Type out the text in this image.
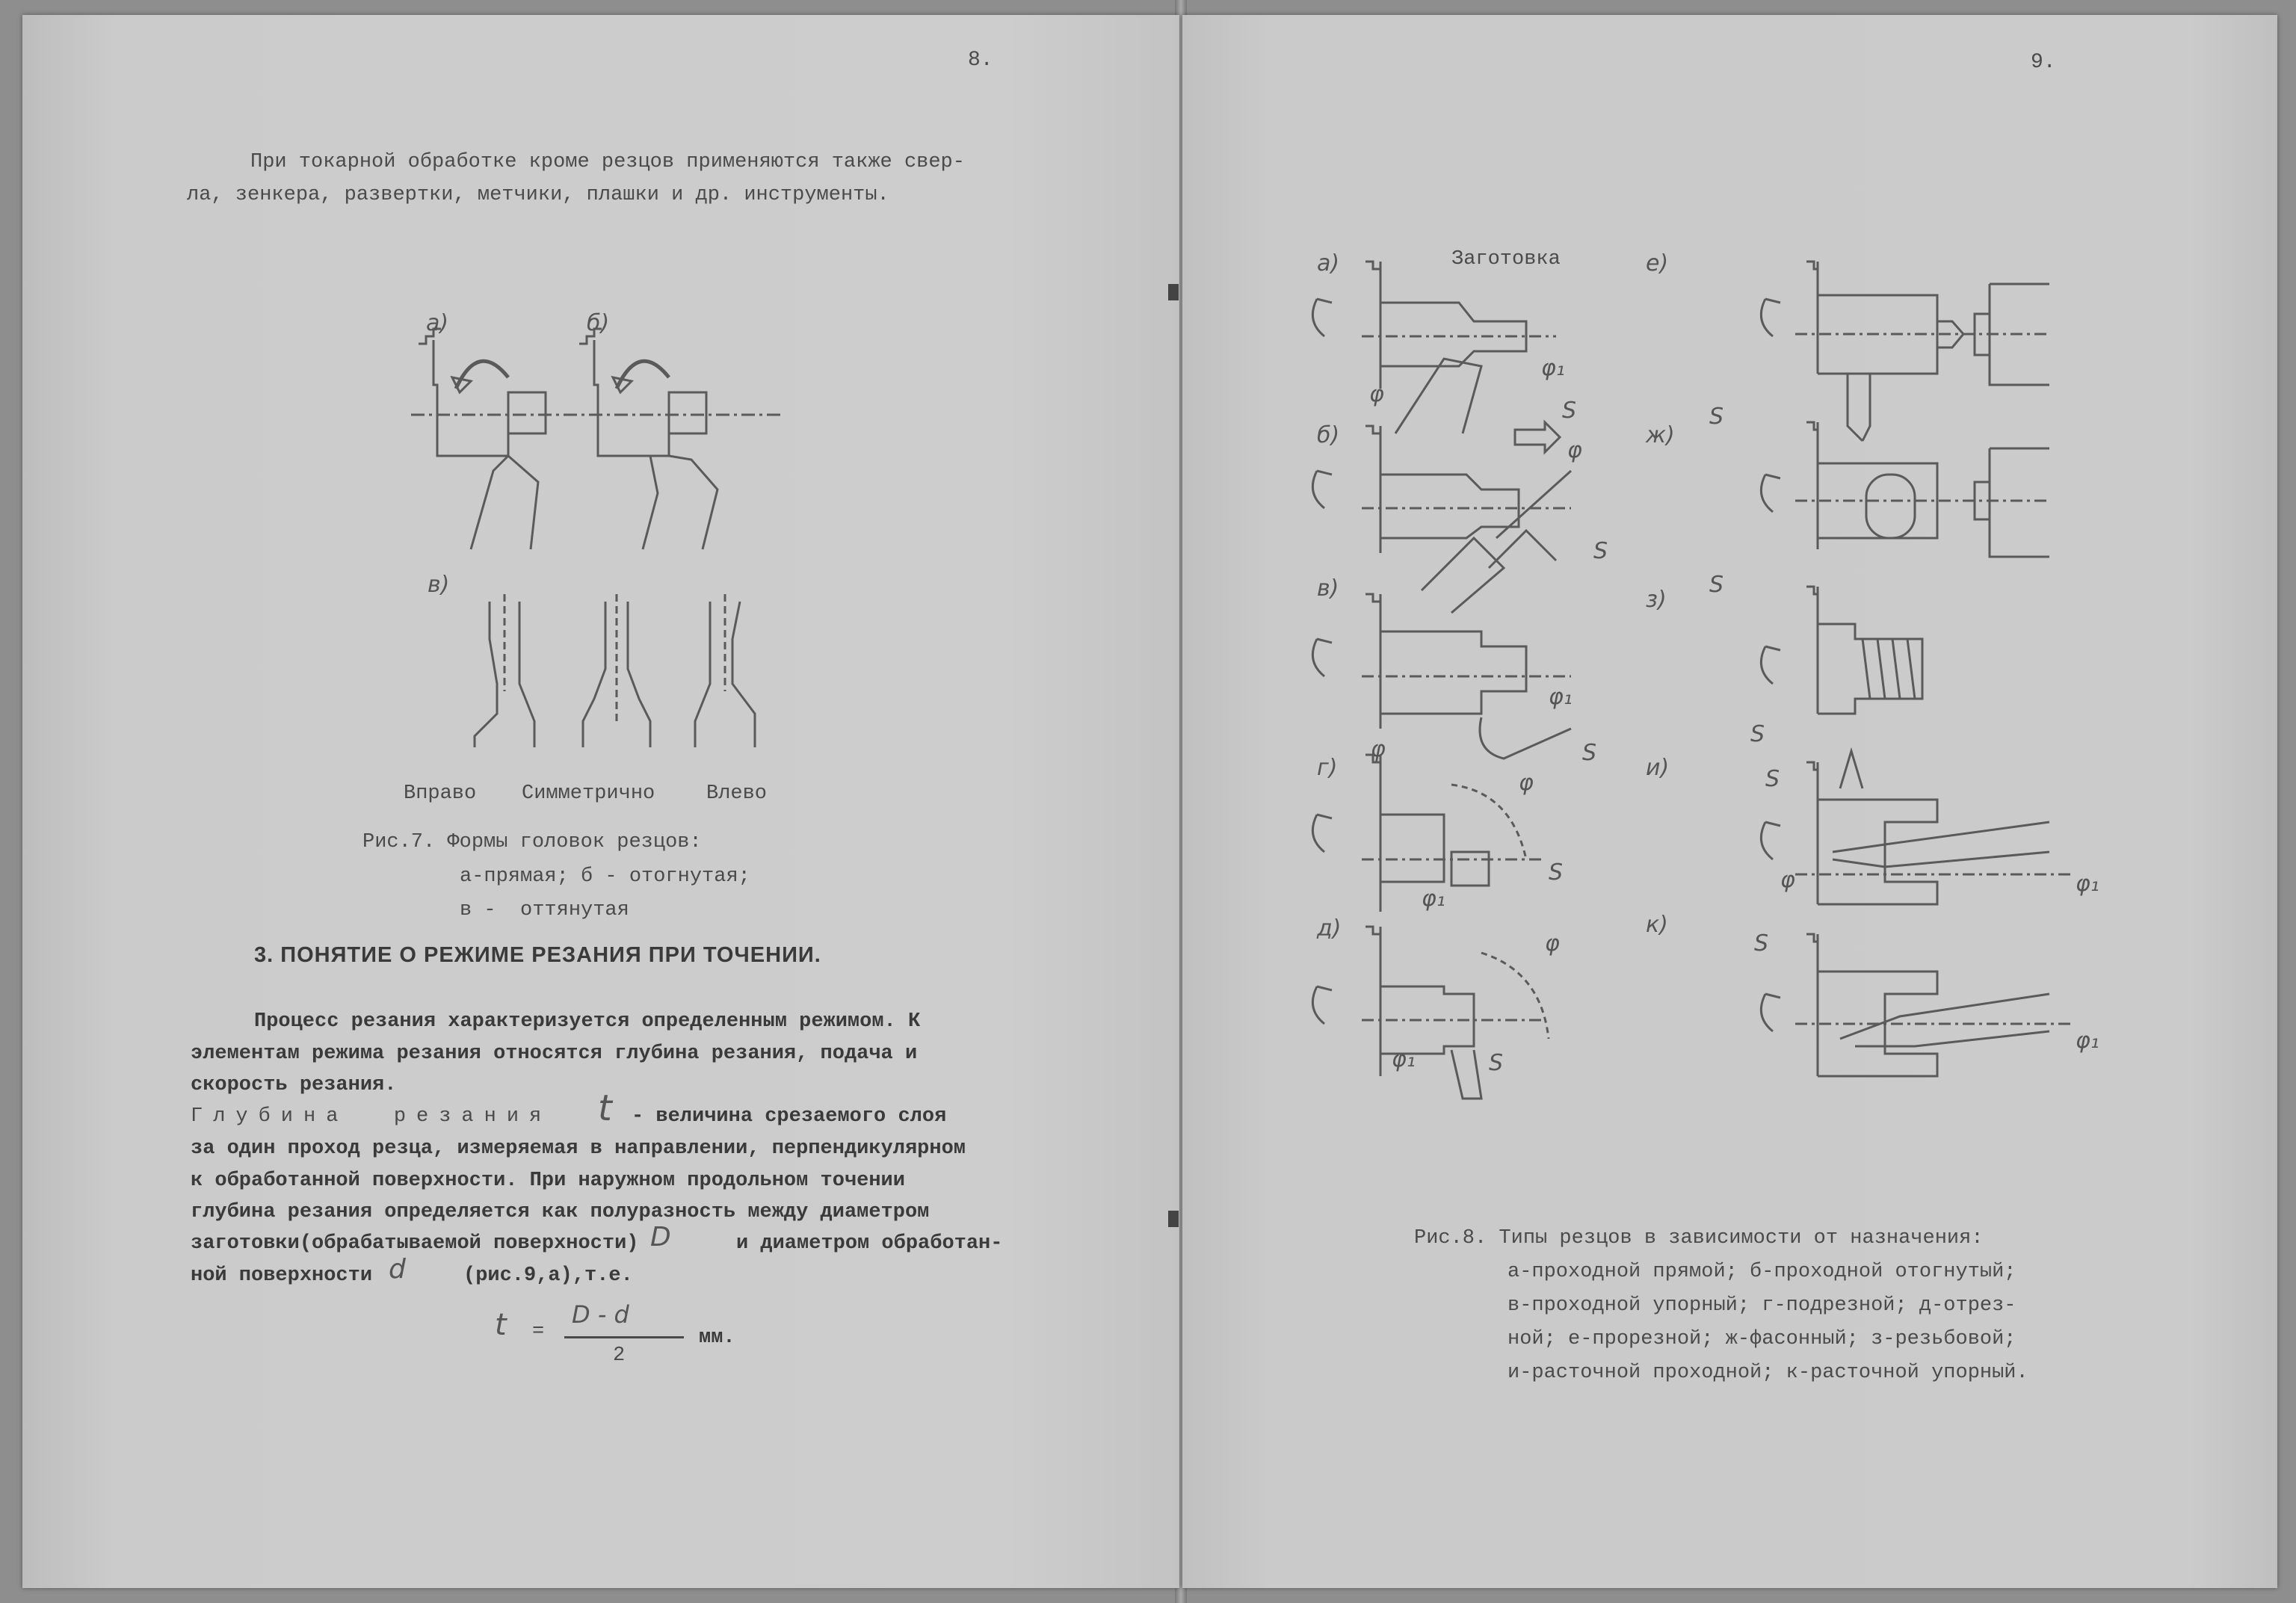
8.
При токарной обработке кроме резцов применяются также свер-
ла, зенкера, развертки, метчики, плашки и др. инструменты.
а)	б)
в)
Вправо Симметрично	Влево
Рис.7. Формы головок резцов:
а-прямая; б - отогнутая;
в -  оттянутая
3. ПОНЯТИЕ О РЕЖИМЕ РЕЗАНИЯ ПРИ ТОЧЕНИИ.
Процесс резания характеризуется определенным режимом. К
элементам режима резания относятся глубина резания, подача и
скорость резания.
Глубина  резания t - величина срезаемого слоя
за один проход резца, измеряемая в направлении, перпендикулярном
к обработанной поверхности. При наружном продольном точении
глубина резания определяется как полуразность между диаметром
заготовки(обрабатываемой поверхности) D	и диаметром обработан-
ной поверхности d	(рис.9,а),т.е.
t =
D - d
2
мм.
9.
а)
б)
в)
г)
д)
е)
ж)
з)
и)
к)
Заготовка
S	S
S
S
S
S
S
S
S
S
φ
φ₁
φ
φ
φ₁
φ
φ₁
φ
φ₁
φ	φ₁
φ₁
Рис.8. Типы резцов в зависимости от назначения:
а-проходной прямой; б-проходной отогнутый;
в-проходной упорный; г-подрезной; д-отрез-
ной; е-прорезной; ж-фасонный; з-резьбовой;
и-расточной проходной; к-расточной упорный.
